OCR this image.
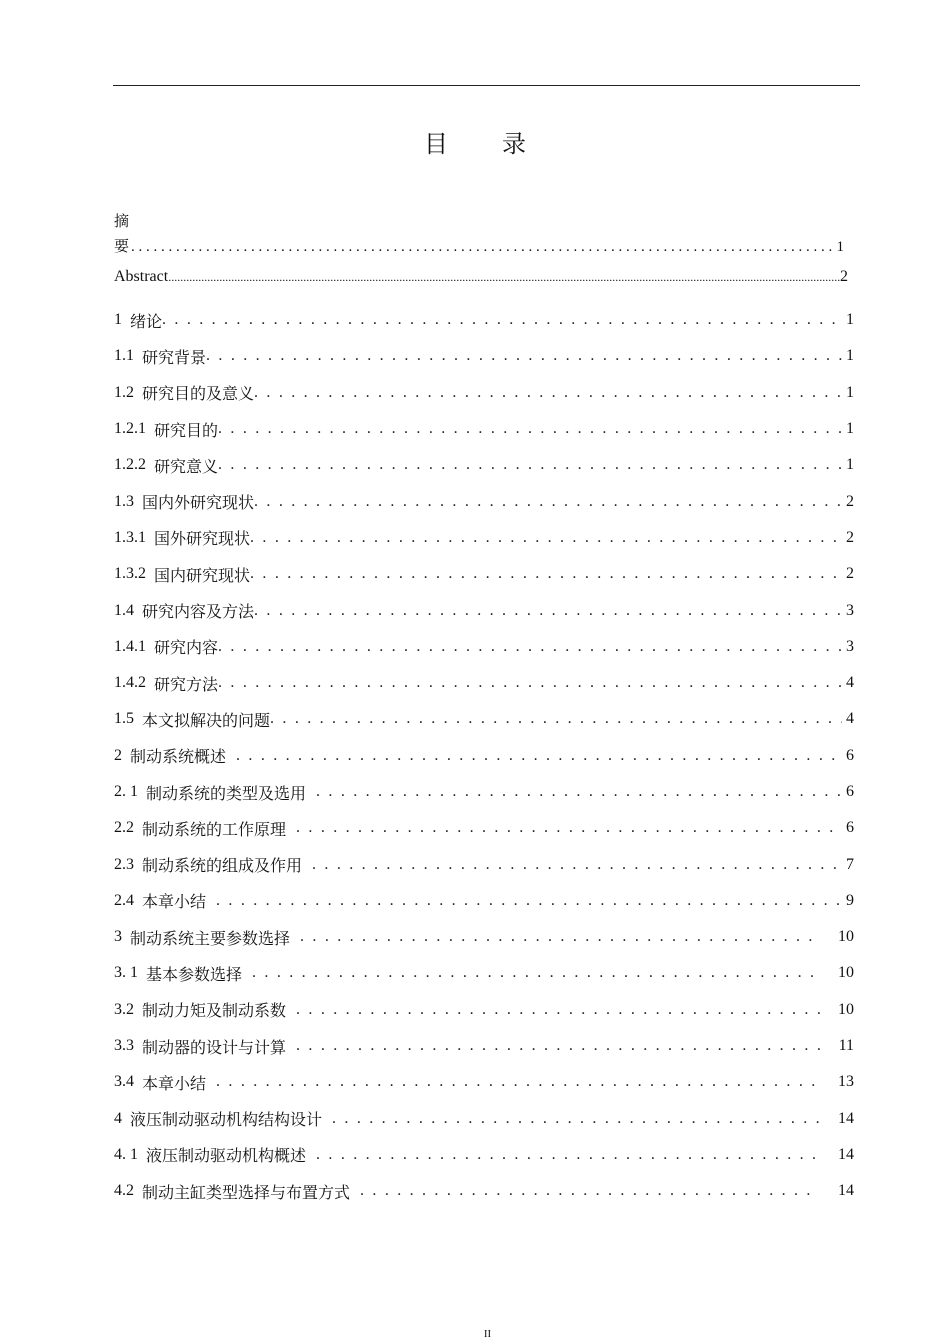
目 录
摘
要 . . .	1
Abstract .....	2
1 绪论 . . .	1
1.1 研究背景 . . .	1
1.2 研究目的及意义 . . .	1
1.2.1 研究目的 . . .	1
1.2.2 研究意义 . . .	1
1.3 国内外研究现状 . . .	2
1.3.1 国外研究现状 . . .	2
1.3.2 国内研究现状 . . .	2
1.4 研究内容及方法 . . .	3
1.4.1 研究内容 . . .	3
1.4.2 研究方法 . . .	4
1.5 本文拟解决的问题 . . .	4
2 制动系统概述 . . .	6
2. 1 制动系统的类型及选用 . . .	6
2.2 制动系统的工作原理 . . .	6
2.3 制动系统的组成及作用 . . .	7
2.4 本章小结 . . .	9
3 制动系统主要参数选择 . . .	10
3. 1 基本参数选择 . . .	10
3.2 制动力矩及制动系数 . . .	10
3.3 制动器的设计与计算 . . .	11
3.4 本章小结 . . .	13
4 液压制动驱动机构结构设计 . . .	14
4. 1 液压制动驱动机构概述 . . .	14
4.2 制动主缸类型选择与布置方式 . . .	14
II
